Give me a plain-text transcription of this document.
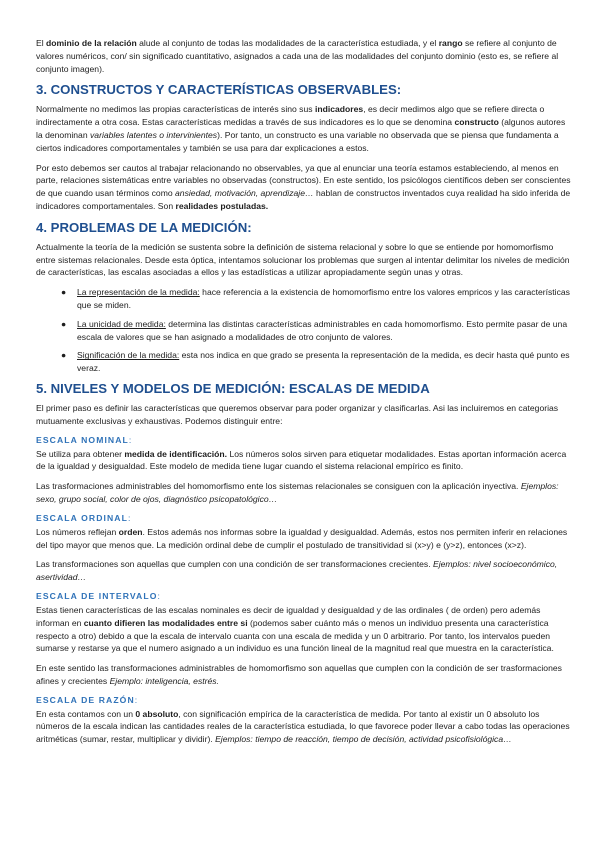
El dominio de la relación alude al conjunto de todas las modalidades de la característica estudiada, y el rango se refiere al conjunto de valores numéricos, con/ sin significado cuantitativo, asignados a cada una de las modalidades del conjunto dominio (esto es, se refiere al conjunto imagen).

3. CONSTRUCTOS Y CARACTERÍSTICAS OBSERVABLES:

Normalmente no medimos las propias características de interés sino sus indicadores, es decir medimos algo que se refiere directa o indirectamente a otra cosa. Estas características medidas a través de sus indicadores es lo que se denomina constructo (algunos autores la denominan variables latentes o intervinientes). Por tanto, un constructo es una variable no observada que se piensa que fundamenta a ciertos indicadores comportamentales y también se usa para dar explicaciones a estos.

Por esto debemos ser cautos al trabajar relacionando no observables, ya que al enunciar una teoría estamos estableciendo, al menos en parte, relaciones sistemáticas entre variables no observadas (constructos). En este sentido, los psicólogos científicos deben ser conscientes de que cuando usan términos como ansiedad, motivación, aprendizaje… hablan de constructos inventados cuya realidad ha sido inferida de indicadores comportamentales. Son realidades postuladas.

4. PROBLEMAS DE LA MEDICIÓN:

Actualmente la teoría de la medición se sustenta sobre la definición de sistema relacional y sobre lo que se entiende por homomorfismo entre sistemas relacionales. Desde esta óptica, intentamos solucionar los problemas que surgen al intentar delimitar los niveles de medición de características, las escalas asociadas a ellos y las estadísticas a utilizar apropiadamente según unas y otras.

● La representación de la medida: hace referencia a la existencia de homomorfismo entre los valores empricos y las características que se miden.
● La unicidad de medida: determina las distintas características administrables en cada homomorfismo. Esto permite pasar de una escala de valores que se han asignado a modalidades de otro conjunto de valores.
● Significación de la medida: esta nos indica en que grado se presenta la representación de la medida, es decir hasta qué punto es veraz.
5. NIVELES Y MODELOS DE MEDICIÓN: ESCALAS DE MEDIDA

El primer paso es definir las características que queremos observar para poder organizar y clasificarlas. Asi las incluiremos en categorias mutuamente exclusivas y exhaustivas. Podemos distinguir entre:

ESCALA NOMINAL:

Se utiliza para obtener medida de identificación. Los números solos sirven para etiquetar modalidades. Estas aportan información acerca de la igualdad y desigualdad. Este modelo de medida tiene lugar cuando el sistema relacional empírico es finito.

Las trasformaciones administrables del homomorfismo ente los sistemas relacionales se consiguen con la aplicación inyectiva. Ejemplos: sexo, grupo social, color de ojos, diagnóstico psicopatológico…

ESCALA ORDINAL:

Los números reflejan orden. Estos además nos informas sobre la igualdad y desigualdad. Además, estos nos permiten inferir en relaciones del tipo mayor que menos que. La medición ordinal debe de cumplir el postulado de transitividad si (x>y) e (y>z), entonces (x>z).

Las transformaciones son aquellas que cumplen con una condición de ser transformaciones crecientes. Ejemplos: nivel socioeconómico, asertividad…

ESCALA DE INTERVALO:

Estas tienen características de las escalas nominales es decir de igualdad y desigualdad y de las ordinales ( de orden) pero además informan en cuanto difieren las modalidades entre si (podemos saber cuánto más o menos un individuo presenta una característica respecto a otro) debido a que la escala de intervalo cuanta con una escala de medida y un 0 arbitrario. Por tanto, los intervalos pueden sumarse y restarse ya que el numero asignado a un individuo es una función lineal de la magnitud real que muestra en la característica.

En este sentido las transformaciones administrables de homomorfismo son aquellas que cumplen con la condición de ser trasformaciones afines y crecientes Ejemplo: inteligencia, estrés.

ESCALA DE RAZÓN:

En esta contamos con un 0 absoluto, con significación empírica de la característica de medida. Por tanto al existir un 0 absoluto los números de la escala indican las cantidades reales de la característica estudiada, lo que favorece poder llevar a cabo todas las operaciones aritméticas (sumar, restar, multiplicar y dividir). Ejemplos: tiempo de reacción, tiempo de decisión, actividad psicofisiológica…
